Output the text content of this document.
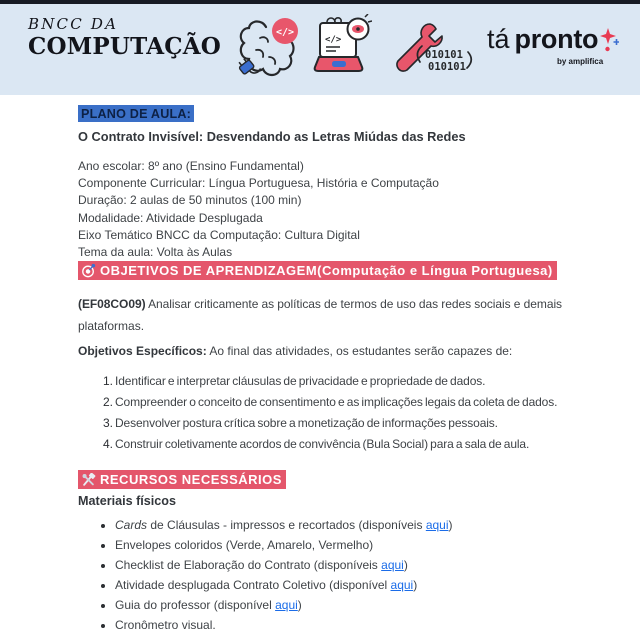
BNCC DA
COMPUTAÇÃO
</>
</>
010101
010101
tá pronto
by amplifica
PLANO DE AULA:
O Contrato Invisível: Desvendando as Letras Miúdas das Redes
Ano escolar: 8º ano (Ensino Fundamental)
Componente Curricular: Língua Portuguesa, História e Computação
Duração: 2 aulas de 50 minutos (100 min)
Modalidade: Atividade Desplugada
Eixo Temático BNCC da Computação: Cultura Digital
Tema da aula: Volta às Aulas
OBJETIVOS DE APRENDIZAGEM(Computação e Língua Portuguesa)

(EF08CO09) Analisar criticamente as políticas de termos de uso das redes sociais e demais
plataformas.

Objetivos Específicos: Ao final das atividades, os estudantes serão capazes de:

1. Identificar e interpretar cláusulas de privacidade e propriedade de dados.
2. Compreender o conceito de consentimento e as implicações legais da coleta de dados.
3. Desenvolver postura crítica sobre a monetização de informações pessoais.
4. Construir coletivamente acordos de convivência (Bula Social) para a sala de aula.
RECURSOS NECESSÁRIOS
Materiais físicos
• Cards de Cláusulas - impressos e recortados (disponíveis aqui)
• Envelopes coloridos (Verde, Amarelo, Vermelho)
• Checklist de Elaboração do Contrato (disponíveis aqui)
• Atividade desplugada Contrato Coletivo (disponível aqui)
• Guia do professor (disponível aqui)
• Cronômetro visual.
